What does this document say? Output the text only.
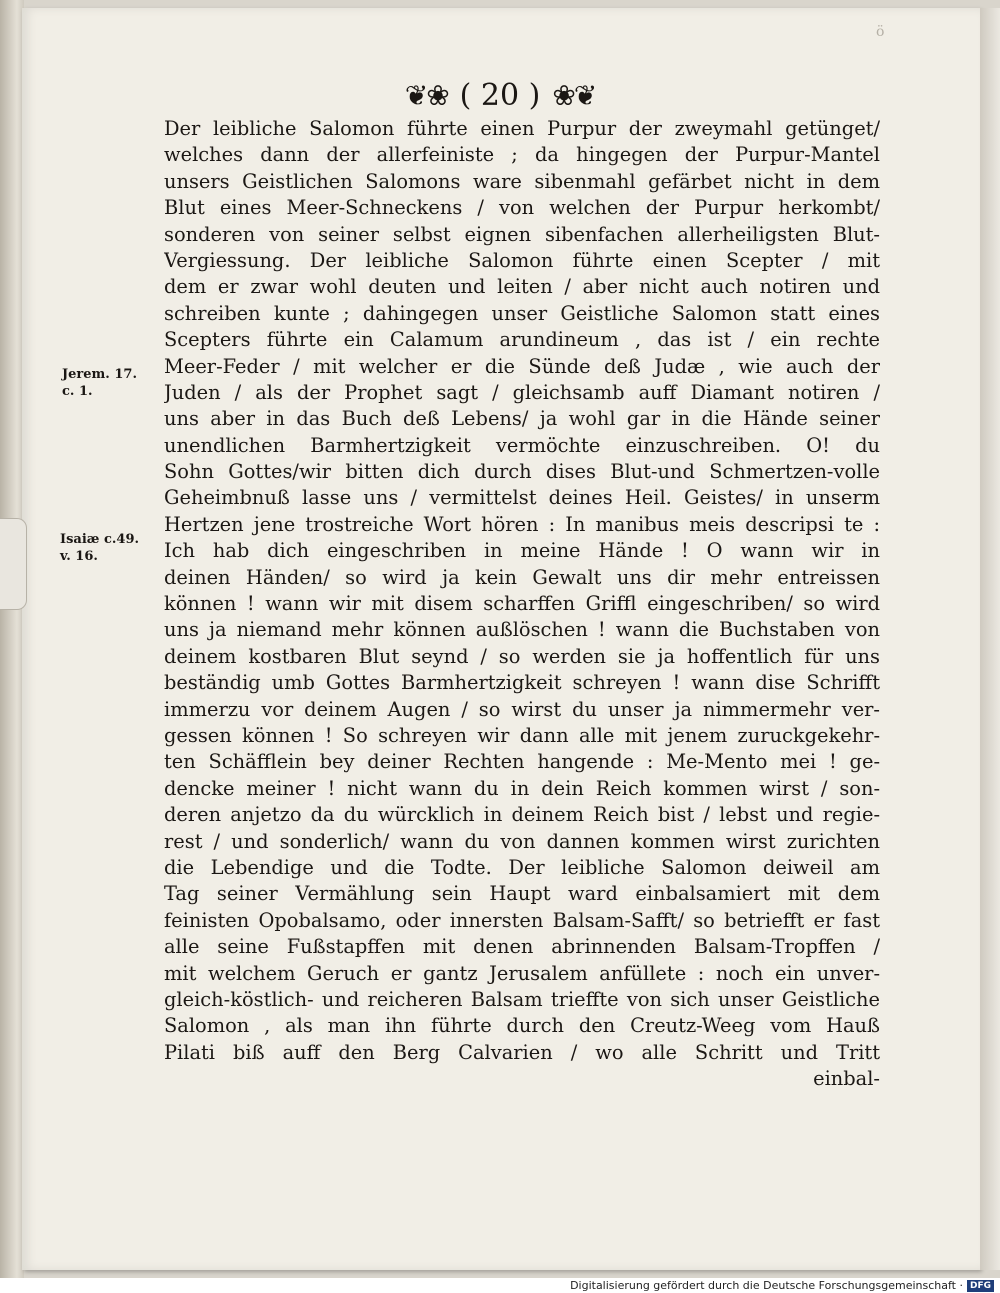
ö
❦❀ ( 20 ) ❀❦
Jerem. 17.
c. 1.
Isaiæ c.49.
v. 16.
Der leibliche Salomon führte einen Purpur der zweymahl getünget/
welches dann der allerfeiniste ; da hingegen der Purpur-Mantel
unsers Geistlichen Salomons ware sibenmahl gefärbet nicht in dem
Blut eines Meer-Schneckens / von welchen der Purpur herkombt/
sonderen von seiner selbst eignen sibenfachen allerheiligsten Blut-
Vergiessung. Der leibliche Salomon führte einen Scepter / mit
dem er zwar wohl deuten und leiten / aber nicht auch notiren und
schreiben kunte ; dahingegen unser Geistliche Salomon statt eines
Scepters führte ein Calamum arundineum , das ist / ein rechte
Meer-Feder / mit welcher er die Sünde deß Judæ , wie auch der
Juden / als der Prophet sagt / gleichsamb auff Diamant notiren /
uns aber in das Buch deß Lebens/ ja wohl gar in die Hände seiner
unendlichen Barmhertzigkeit vermöchte einzuschreiben. O! du
Sohn Gottes/wir bitten dich durch dises Blut-und Schmertzen-volle
Geheimbnuß lasse uns / vermittelst deines Heil. Geistes/ in unserm
Hertzen jene trostreiche Wort hören : In manibus meis descripsi te :
Ich hab dich eingeschriben in meine Hände ! O wann wir in
deinen Händen/ so wird ja kein Gewalt uns dir mehr entreissen
können ! wann wir mit disem scharffen Griffl eingeschriben/ so wird
uns ja niemand mehr können außlöschen ! wann die Buchstaben von
deinem kostbaren Blut seynd / so werden sie ja hoffentlich für uns
beständig umb Gottes Barmhertzigkeit schreyen ! wann dise Schrifft
immerzu vor deinem Augen / so wirst du unser ja nimmermehr ver-
gessen können ! So schreyen wir dann alle mit jenem zuruckgekehr-
ten Schäfflein bey deiner Rechten hangende : Me-Mento mei ! ge-
dencke meiner ! nicht wann du in dein Reich kommen wirst / son-
deren anjetzo da du würcklich in deinem Reich bist / lebst und regie-
rest / und sonderlich/ wann du von dannen kommen wirst zurichten
die Lebendige und die Todte. Der leibliche Salomon deiweil am
Tag seiner Vermählung sein Haupt ward einbalsamiert mit dem
feinisten Opobalsamo, oder innersten Balsam-Safft/ so betriefft er fast
alle seine Fußstapffen mit denen abrinnenden Balsam-Tropffen /
mit welchem Geruch er gantz Jerusalem anfüllete : noch ein unver-
gleich-köstlich- und reicheren Balsam trieffte von sich unser Geistliche
Salomon , als man ihn führte durch den Creutz-Weeg vom Hauß
Pilati biß auff den Berg Calvarien / wo alle Schritt und Tritt
einbal-
Digitalisierung gefördert durch die Deutsche Forschungsgemeinschaft · DFG
